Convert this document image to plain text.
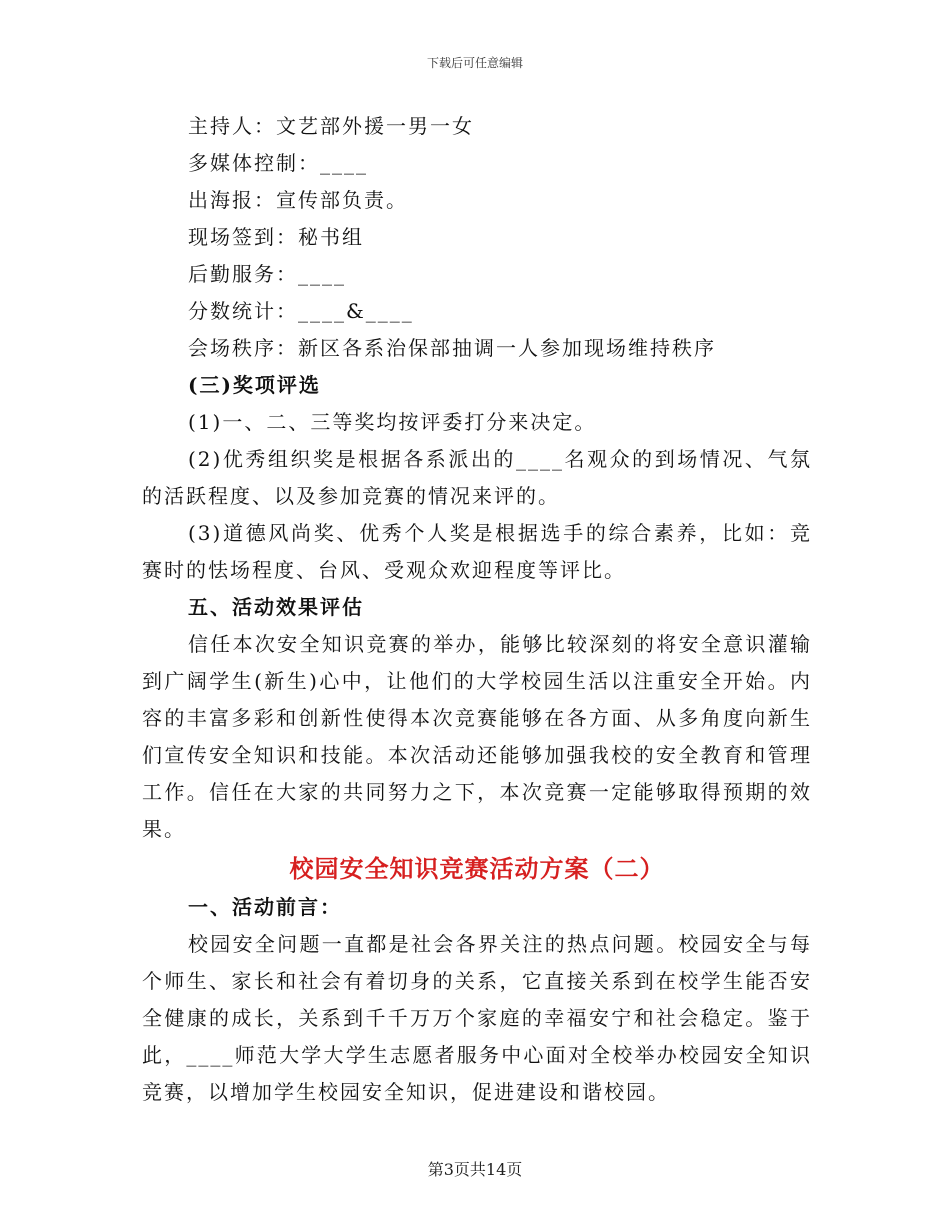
下载后可任意编辑
主持人：文艺部外援一男一女
多媒体控制：____
出海报：宣传部负责。
现场签到：秘书组
后勤服务：____
分数统计：____&____
会场秩序：新区各系治保部抽调一人参加现场维持秩序
(三)奖项评选
(1)一、二、三等奖均按评委打分来决定。
(2)优秀组织奖是根据各系派出的____名观众的到场情况、气氛的活跃程度、以及参加竞赛的情况来评的。
(3)道德风尚奖、优秀个人奖是根据选手的综合素养，比如：竞赛时的怯场程度、台风、受观众欢迎程度等评比。
五、活动效果评估
信任本次安全知识竞赛的举办，能够比较深刻的将安全意识灌输到广阔学生(新生)心中，让他们的大学校园生活以注重安全开始。内容的丰富多彩和创新性使得本次竞赛能够在各方面、从多角度向新生们宣传安全知识和技能。本次活动还能够加强我校的安全教育和管理工作。信任在大家的共同努力之下，本次竞赛一定能够取得预期的效果。
校园安全知识竞赛活动方案（二）
一、活动前言：
校园安全问题一直都是社会各界关注的热点问题。校园安全与每个师生、家长和社会有着切身的关系，它直接关系到在校学生能否安全健康的成长，关系到千千万万个家庭的幸福安宁和社会稳定。鉴于此，____师范大学大学生志愿者服务中心面对全校举办校园安全知识竞赛，以增加学生校园安全知识，促进建设和谐校园。
第3页共14页
